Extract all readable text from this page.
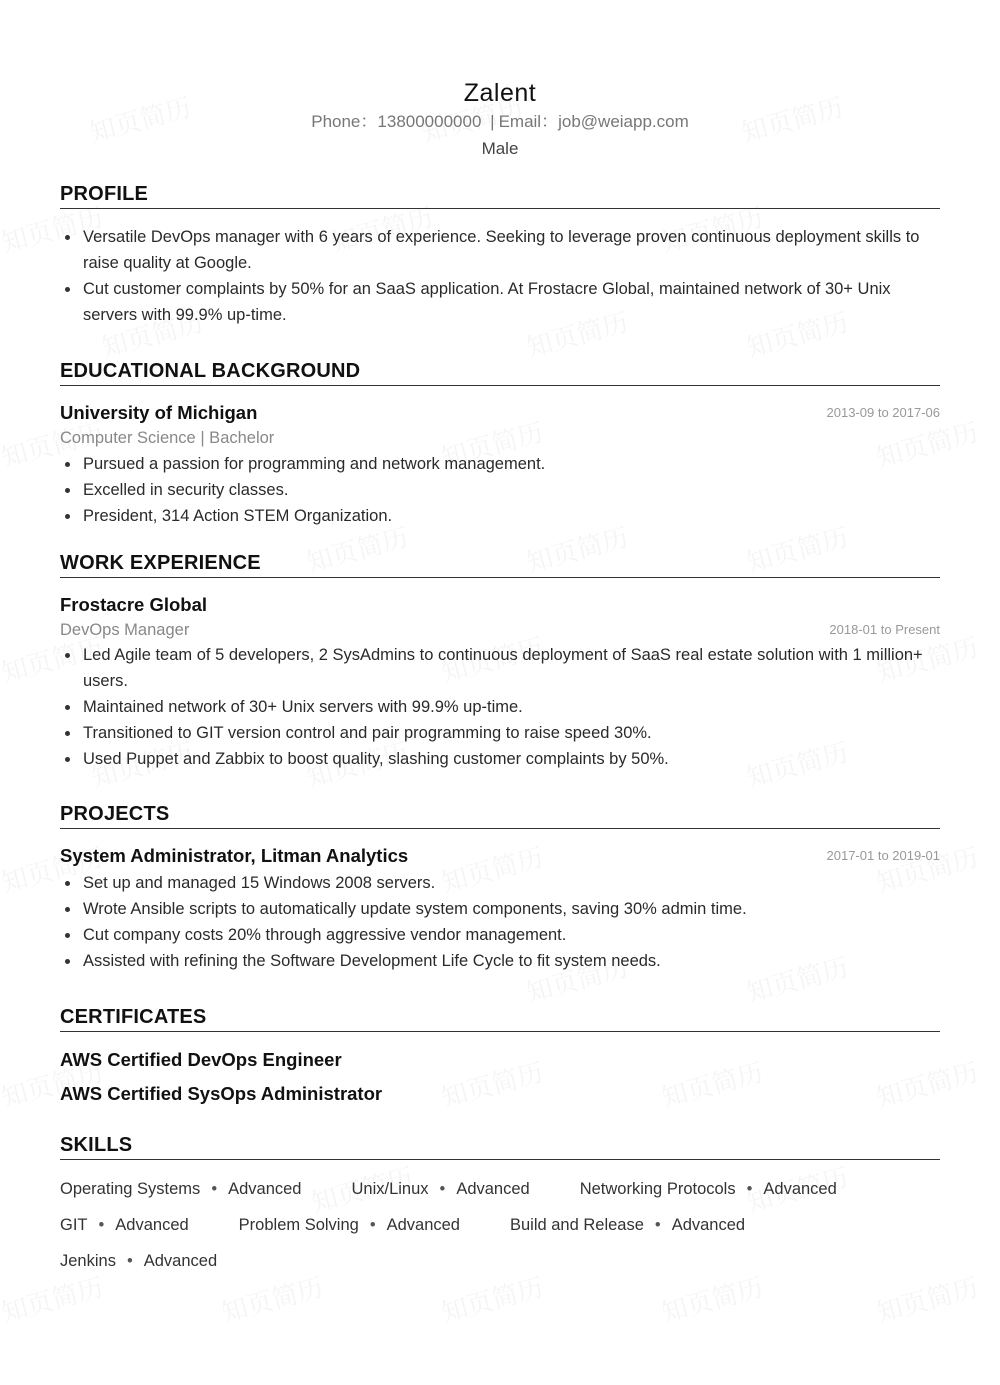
Zalent
Phone：13800000000 | Email：job@weiapp.com
Male
PROFILE
Versatile DevOps manager with 6 years of experience. Seeking to leverage proven continuous deployment skills to raise quality at Google.
Cut customer complaints by 50% for an SaaS application. At Frostacre Global, maintained network of 30+ Unix servers with 99.9% up-time.
EDUCATIONAL BACKGROUND
University of Michigan	2013-09 to 2017-06
Computer Science | Bachelor
Pursued a passion for programming and network management.
Excelled in security classes.
President, 314 Action STEM Organization.
WORK EXPERIENCE
Frostacre Global
DevOps Manager	2018-01 to Present
Led Agile team of 5 developers, 2 SysAdmins to continuous deployment of SaaS real estate solution with 1 million+ users.
Maintained network of 30+ Unix servers with 99.9% up-time.
Transitioned to GIT version control and pair programming to raise speed 30%.
Used Puppet and Zabbix to boost quality, slashing customer complaints by 50%.
PROJECTS
System Administrator, Litman Analytics	2017-01 to 2019-01
Set up and managed 15 Windows 2008 servers.
Wrote Ansible scripts to automatically update system components, saving 30% admin time.
Cut company costs 20% through aggressive vendor management.
Assisted with refining the Software Development Life Cycle to fit system needs.
CERTIFICATES
AWS Certified DevOps Engineer
AWS Certified SysOps Administrator
SKILLS
Operating Systems • Advanced	Unix/Linux • Advanced	Networking Protocols • Advanced
GIT • Advanced	Problem Solving • Advanced	Build and Release • Advanced
Jenkins • Advanced
